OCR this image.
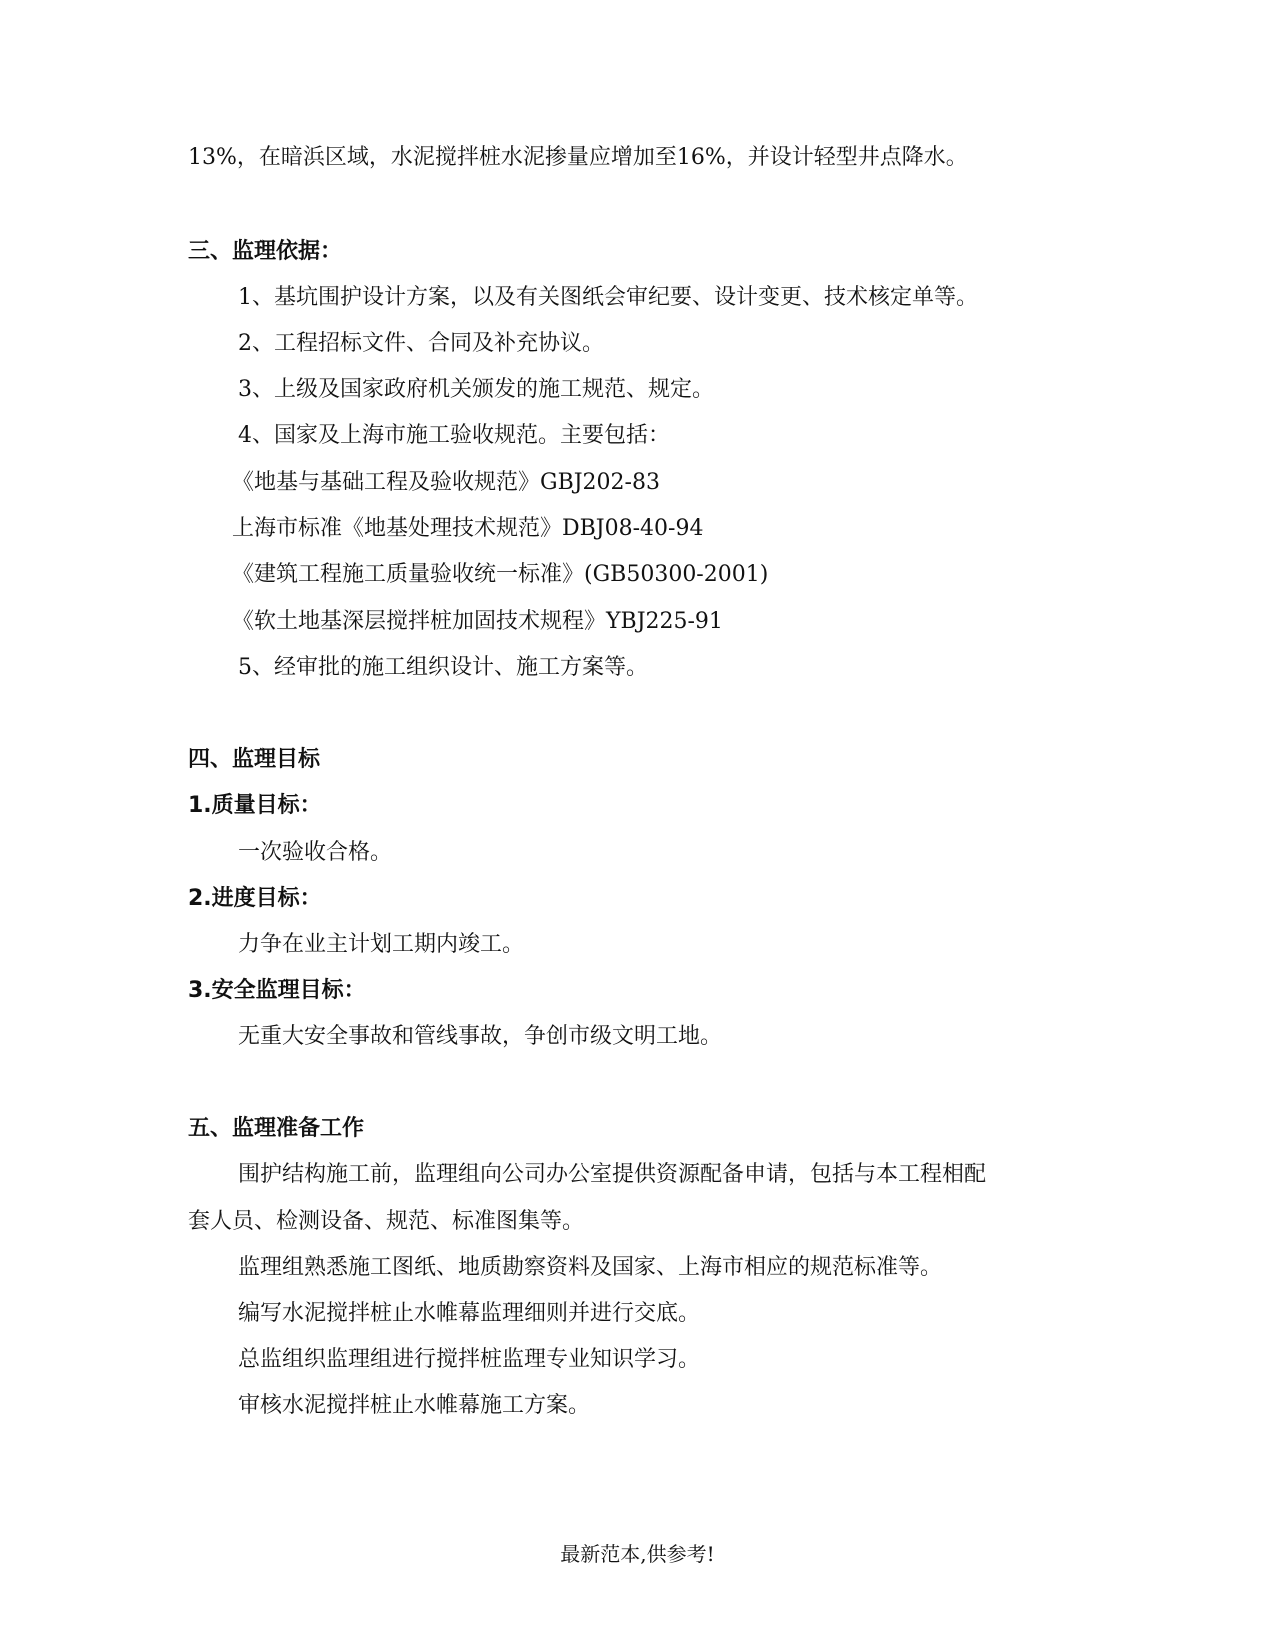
13%，在暗浜区域，水泥搅拌桩水泥掺量应增加至16%，并设计轻型井点降水。
三、监理依据：
1、基坑围护设计方案，以及有关图纸会审纪要、设计变更、技术核定单等。
2、工程招标文件、合同及补充协议。
3、上级及国家政府机关颁发的施工规范、规定。
4、国家及上海市施工验收规范。主要包括：
《地基与基础工程及验收规范》GBJ202-83
上海市标准《地基处理技术规范》DBJ08-40-94
《建筑工程施工质量验收统一标准》(GB50300-2001)
《软土地基深层搅拌桩加固技术规程》YBJ225-91
5、经审批的施工组织设计、施工方案等。
四、监理目标
1.质量目标：
一次验收合格。
2.进度目标：
力争在业主计划工期内竣工。
3.安全监理目标：
无重大安全事故和管线事故，争创市级文明工地。
五、监理准备工作
围护结构施工前，监理组向公司办公室提供资源配备申请，包括与本工程相配
套人员、检测设备、规范、标准图集等。
监理组熟悉施工图纸、地质勘察资料及国家、上海市相应的规范标准等。
编写水泥搅拌桩止水帷幕监理细则并进行交底。
总监组织监理组进行搅拌桩监理专业知识学习。
审核水泥搅拌桩止水帷幕施工方案。
最新范本,供参考!
